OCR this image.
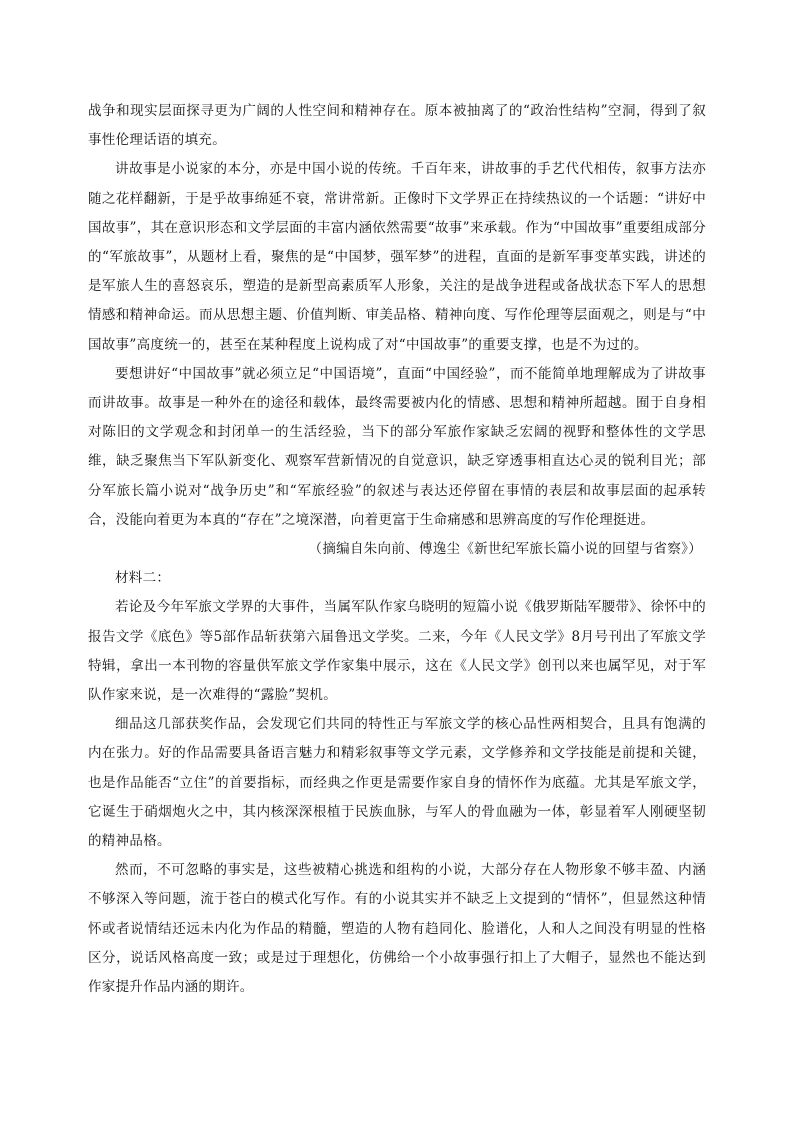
战争和现实层面探寻更为广阔的人性空间和精神存在。原本被抽离了的“政治性结构”空洞，得到了叙事性伦理话语的填充。

讲故事是小说家的本分，亦是中国小说的传统。千百年来，讲故事的手艺代代相传，叙事方法亦随之花样翻新，于是乎故事绵延不衰，常讲常新。正像时下文学界正在持续热议的一个话题：“讲好中国故事”，其在意识形态和文学层面的丰富内涵依然需要“故事”来承载。作为“中国故事”重要组成部分的“军旅故事”，从题材上看，聚焦的是“中国梦，强军梦”的进程，直面的是新军事变革实践，讲述的是军旅人生的喜怒哀乐，塑造的是新型高素质军人形象，关注的是战争进程或备战状态下军人的思想情感和精神命运。而从思想主题、价值判断、审美品格、精神向度、写作伦理等层面观之，则是与“中国故事”高度统一的，甚至在某种程度上说构成了对“中国故事”的重要支撑，也是不为过的。

要想讲好“中国故事”就必须立足“中国语境”，直面“中国经验”，而不能简单地理解成为了讲故事而讲故事。故事是一种外在的途径和载体，最终需要被内化的情感、思想和精神所超越。囿于自身相对陈旧的文学观念和封闭单一的生活经验，当下的部分军旅作家缺乏宏阔的视野和整体性的文学思维，缺乏聚焦当下军队新变化、观察军营新情况的自觉意识，缺乏穿透事相直达心灵的锐利目光；部分军旅长篇小说对“战争历史”和“军旅经验”的叙述与表达还停留在事情的表层和故事层面的起承转合，没能向着更为本真的“存在”之境深潜，向着更富于生命痛感和思辨高度的写作伦理挺进。

（摘编自朱向前、傅逸尘《新世纪军旅长篇小说的回望与省察》）

材料二：

若论及今年军旅文学界的大事件，当属军队作家乌晓明的短篇小说《俄罗斯陆军腰带》、徐怀中的报告文学《底色》等5部作品斩获第六届鲁迅文学奖。二来，今年《人民文学》8月号刊出了军旅文学特辑，拿出一本刊物的容量供军旅文学作家集中展示，这在《人民文学》创刊以来也属罕见，对于军队作家来说，是一次难得的“露脸”契机。

细品这几部获奖作品，会发现它们共同的特性正与军旅文学的核心品性两相契合，且具有饱满的内在张力。好的作品需要具备语言魅力和精彩叙事等文学元素，文学修养和文学技能是前提和关键，也是作品能否“立住”的首要指标，而经典之作更是需要作家自身的情怀作为底蕴。尤其是军旅文学，它诞生于硝烟炮火之中，其内核深深根植于民族血脉，与军人的骨血融为一体，彰显着军人刚硬坚韧的精神品格。

然而，不可忽略的事实是，这些被精心挑选和组构的小说，大部分存在人物形象不够丰盈、内涵不够深入等问题，流于苍白的模式化写作。有的小说其实并不缺乏上文提到的“情怀”，但显然这种情怀或者说情结还远未内化为作品的精髓，塑造的人物有趋同化、脸谱化，人和人之间没有明显的性格区分，说话风格高度一致；或是过于理想化，仿佛给一个小故事强行扣上了大帽子，显然也不能达到作家提升作品内涵的期许。
